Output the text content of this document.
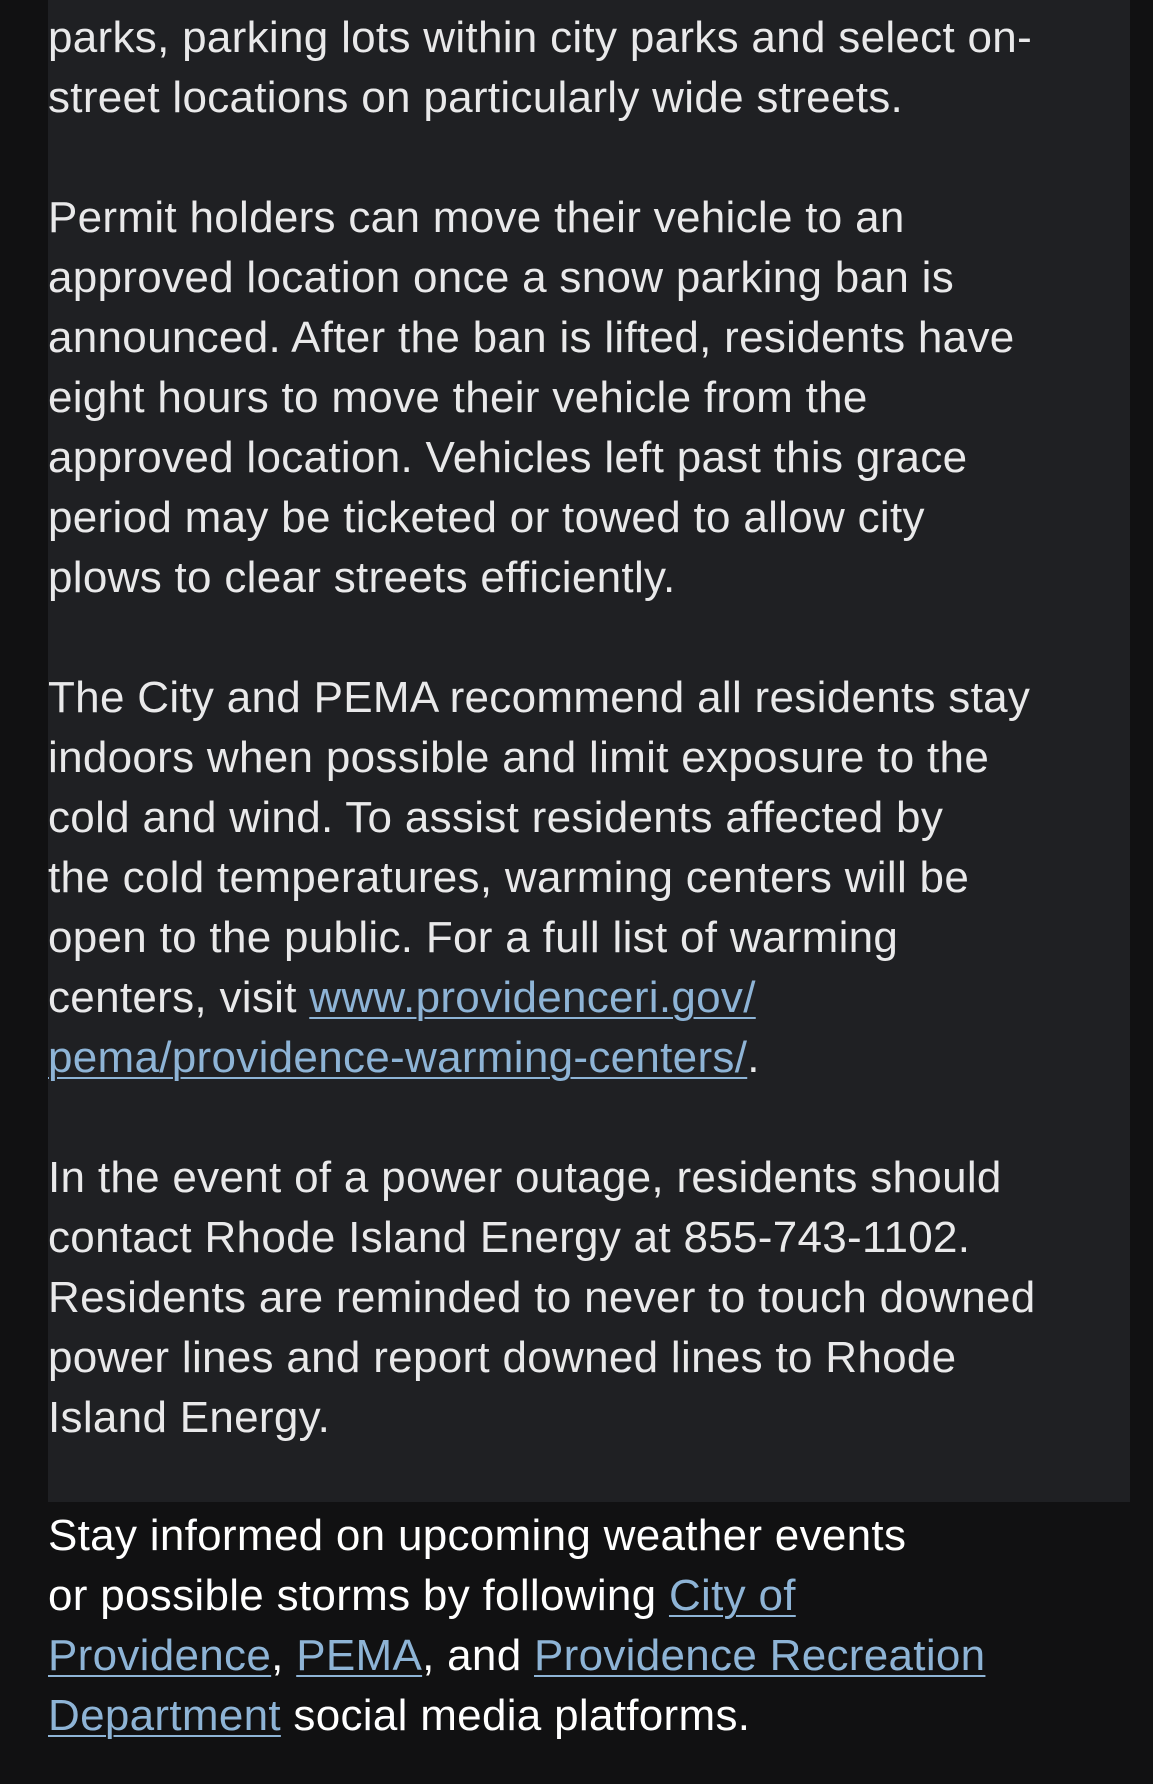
parks, parking lots within city parks and select on-
street locations on particularly wide streets.
Permit holders can move their vehicle to an
approved location once a snow parking ban is
announced. After the ban is lifted, residents have
eight hours to move their vehicle from the
approved location. Vehicles left past this grace
period may be ticketed or towed to allow city
plows to clear streets efficiently.
The City and PEMA recommend all residents stay
indoors when possible and limit exposure to the
cold and wind. To assist residents affected by
the cold temperatures, warming centers will be
open to the public. For a full list of warming
centers, visit www.providenceri.gov/
pema/providence-warming-centers/.
In the event of a power outage, residents should
contact Rhode Island Energy at 855-743-1102.
Residents are reminded to never to touch downed
power lines and report downed lines to Rhode
Island Energy.
Stay informed on upcoming weather events
or possible storms by following City of
Providence, PEMA, and Providence Recreation
Department social media platforms.
